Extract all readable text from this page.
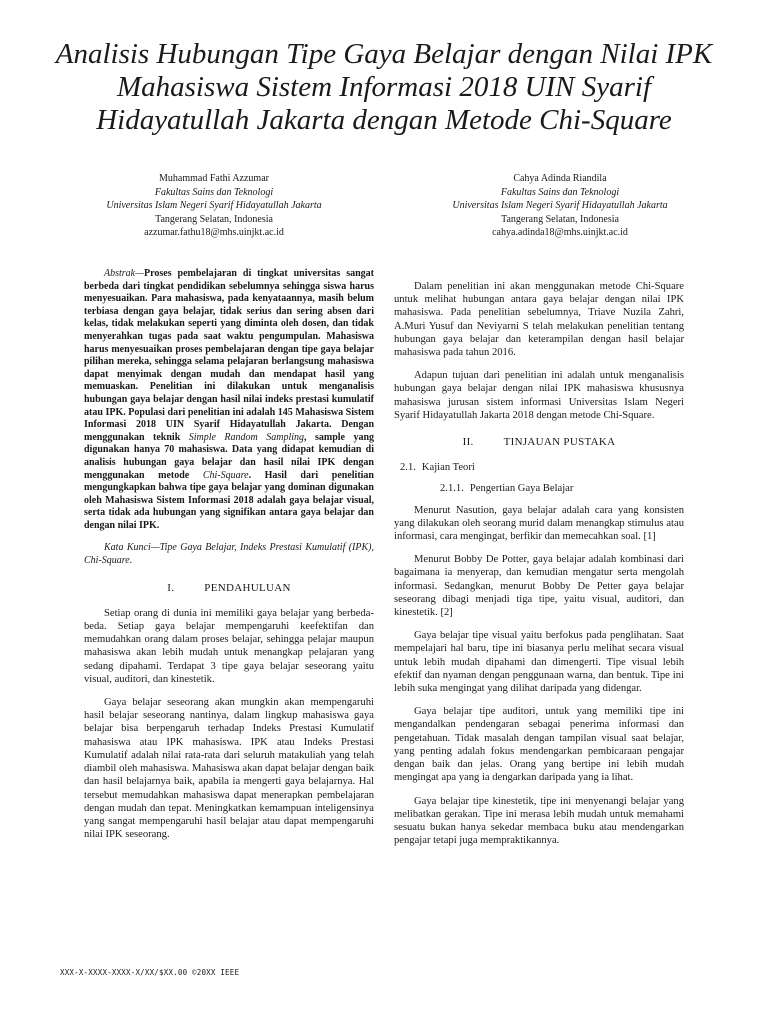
Analisis Hubungan Tipe Gaya Belajar dengan Nilai IPK Mahasiswa Sistem Informasi 2018 UIN Syarif Hidayatullah Jakarta dengan Metode Chi-Square
Muhammad Fathi Azzumar
Fakultas Sains dan Teknologi
Universitas Islam Negeri Syarif Hidayatullah Jakarta
Tangerang Selatan, Indonesia
azzumar.fathu18@mhs.uinjkt.ac.id
Cahya Adinda Riandila
Fakultas Sains dan Teknologi
Universitas Islam Negeri Syarif Hidayatullah Jakarta
Tangerang Selatan, Indonesia
cahya.adinda18@mhs.uinjkt.ac.id

Abstrak—Proses pembelajaran di tingkat universitas sangat berbeda dari tingkat pendidikan sebelumnya sehingga siswa harus menyesuaikan. Para mahasiswa, pada kenyataannya, masih belum terbiasa dengan gaya belajar, tidak serius dan sering absen dari kelas, tidak melakukan seperti yang diminta oleh dosen, dan tidak menyerahkan tugas pada saat waktu pengumpulan. Mahasiswa harus menyesuaikan proses pembelajaran dengan tipe gaya belajar pilihan mereka, sehingga selama pelajaran berlangsung mahasiswa dapat menyimak dengan mudah dan mendapat hasil yang memuaskan. Penelitian ini dilakukan untuk menganalisis hubungan gaya belajar dengan hasil nilai indeks prestasi kumulatif atau IPK. Populasi dari penelitian ini adalah 145 Mahasiswa Sistem Informasi 2018 UIN Syarif Hidayatullah Jakarta. Dengan menggunakan teknik Simple Random Sampling, sample yang digunakan hanya 70 mahasiswa. Data yang didapat kemudian di analisis hubungan gaya belajar dan hasil nilai IPK dengan menggunakan metode Chi-Square. Hasil dari penelitian mengungkapkan bahwa tipe gaya belajar yang dominan digunakan oleh Mahasiswa Sistem Informasi 2018 adalah gaya belajar visual, serta tidak ada hubungan yang signifikan antara gaya belajar dan dengan nilai IPK.

Kata Kunci—Tipe Gaya Belajar, Indeks Prestasi Kumulatif (IPK), Chi-Square.

I.	PENDAHULUAN

Setiap orang di dunia ini memiliki gaya belajar yang berbeda-beda. Setiap gaya belajar mempengaruhi keefektifan dan memudahkan orang dalam proses belajar, sehingga pelajar maupun mahasiswa akan lebih mudah untuk menangkap pelajaran yang sedang dipahami. Terdapat 3 tipe gaya belajar seseorang yaitu visual, auditori, dan kinestetik.

Gaya belajar seseorang akan mungkin akan mempengaruhi hasil belajar seseorang nantinya, dalam lingkup mahasiswa gaya belajar bisa berpengaruh terhadap Indeks Prestasi Kumulatif mahasiswa atau IPK mahasiswa. IPK atau Indeks Prestasi Kumulatif adalah nilai rata-rata dari seluruh matakuliah yang telah diambil oleh mahasiswa. Mahasiswa akan dapat belajar dengan baik dan hasil belajarnya baik, apabila ia mengerti gaya belajarnya. Hal tersebut memudahkan mahasiswa dapat menerapkan pembelajaran dengan mudah dan tepat. Meningkatkan kemampuan inteligensinya yang sangat mempengaruhi hasil belajar atau dapat mempengaruhi nilai IPK seseorang.

Dalam penelitian ini akan menggunakan metode Chi-Square untuk melihat hubungan antara gaya belajar dengan nilai IPK mahasiswa. Pada penelitian sebelumnya, Triave Nuzila Zahri, A.Muri Yusuf dan Neviyarni S telah melakukan penelitian tentang hubungan gaya belajar dan keterampilan dengan hasil belajar mahasiswa pada tahun 2016.

Adapun tujuan dari penelitian ini adalah untuk menganalisis hubungan gaya belajar dengan nilai IPK mahasiswa khususnya mahasiswa jurusan sistem informasi Universitas Islam Negeri Syarif Hidayatullah Jakarta 2018 dengan metode Chi-Square.

II.	TINJAUAN PUSTAKA
2.1. Kajian Teori
2.1.1. Pengertian Gaya Belajar

Menurut Nasution, gaya belajar adalah cara yang konsisten yang dilakukan oleh seorang murid dalam menangkap stimulus atau informasi, cara mengingat, berfikir dan memecahkan soal. [1]

Menurut Bobby De Potter, gaya belajar adalah kombinasi dari bagaimana ia menyerap, dan kemudian mengatur serta mengolah informasi. Sedangkan, menurut Bobby De Petter gaya belajar seseorang dibagi menjadi tiga tipe, yaitu visual, auditori, dan kinestetik. [2]

Gaya belajar tipe visual yaitu berfokus pada penglihatan. Saat mempelajari hal baru, tipe ini biasanya perlu melihat secara visual untuk lebih mudah dipahami dan dimengerti. Tipe visual lebih efektif dan nyaman dengan penggunaan warna, dan bentuk. Tipe ini lebih suka mengingat yang dilihat daripada yang didengar.

Gaya belajar tipe auditori, untuk yang memiliki tipe ini mengandalkan pendengaran sebagai penerima informasi dan pengetahuan. Tidak masalah dengan tampilan visual saat belajar, yang penting adalah fokus mendengarkan pembicaraan pengajar dengan baik dan jelas. Orang yang bertipe ini lebih mudah mengingat apa yang ia dengarkan daripada yang ia lihat.

Gaya belajar tipe kinestetik, tipe ini menyenangi belajar yang melibatkan gerakan. Tipe ini merasa lebih mudah untuk memahami sesuatu bukan hanya sekedar membaca buku atau mendengarkan pengajar tetapi juga mempraktikannya.

XXX-X-XXXX-XXXX-X/XX/$XX.00 ©20XX IEEE
